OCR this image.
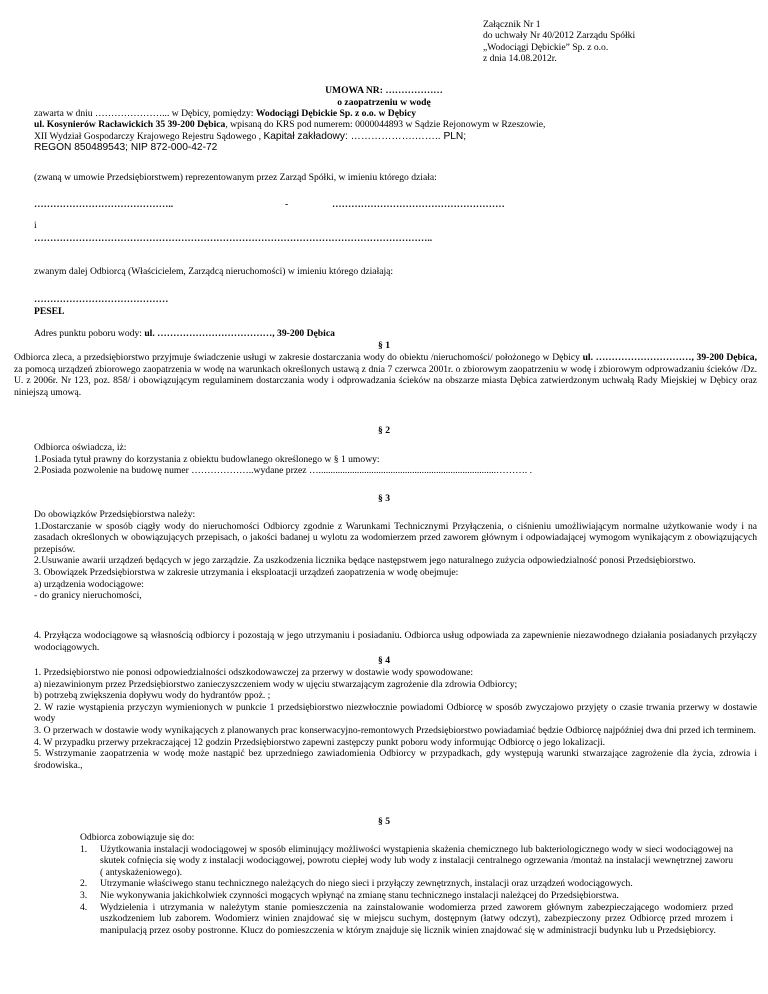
Załącznik Nr 1

do uchwały Nr 40/2012 Zarządu Spółki

„Wodociągi Dębickie” Sp. z o.o.

z dnia 14.08.2012r.

UMOWA NR: ………………

o zaopatrzeniu w wodę

zawarta w dniu …………………... w Dębicy, pomiędzy: Wodociągi Dębickie Sp. z o.o. w Dębicy

ul. Kosynierów Racławickich 35 39-200 Dębica, wpisaną do KRS pod numerem: 0000044893 w Sądzie Rejonowym w Rzeszowie,

XII Wydział Gospodarczy Krajowego Rejestru Sądowego , Kapitał zakładowy: ……………….…….. PLN;

REGON 850489543; NIP 872-000-42-72

(zwaną w umowie Przedsiębiorstwem) reprezentowanym przez Zarząd Spółki, w imieniu którego działa:
……………………………………..	-	………………………………………………
i
……………………………………………………………………………………………………………..
zwanym dalej Odbiorcą (Właścicielem, Zarządcą nieruchomości) w imieniu którego działają:
……………………………………
PESEL
Adres punktu poboru wody: ul. ………………………………, 39-200 Dębica
§ 1
Odbiorca zleca, a przedsiębiorstwo przyjmuje świadczenie usługi w zakresie dostarczania wody do obiektu /nieruchomości/ położonego w Dębicy ul. …………………………, 39-200 Dębica, za pomocą urządzeń zbiorowego zaopatrzenia w wodę na warunkach określonych ustawą z dnia 7 czerwca 2001r. o zbiorowym zaopatrzeniu w wodę i zbiorowym odprowadzaniu ścieków /Dz. U. z 2006r. Nr 123, poz. 858/ i obowiązującym regulaminem dostarczania wody i odprowadzania ścieków na obszarze miasta Dębica zatwierdzonym uchwałą Rady Miejskiej w Dębicy oraz niniejszą umową.
§ 2

Odbiorca oświadcza, iż:

1.Posiada tytuł prawny do korzystania z obiektu budowlanego określonego w § 1 umowy:

2.Posiada pozwolenie na budowę numer ………………..wydane przez …..........................................................................………. .

§ 3

Do obowiązków Przedsiębiorstwa należy:

1.Dostarczanie w sposób ciągły wody do nieruchomości Odbiorcy zgodnie z Warunkami Technicznymi Przyłączenia, o ciśnieniu umożliwiającym normalne użytkowanie wody i na zasadach określonych w obowiązujących przepisach, o jakości badanej u wylotu za wodomierzem przed zaworem głównym i odpowiadającej wymogom wynikającym z obowiązujących przepisów.

2.Usuwanie awarii urządzeń będących w jego zarządzie. Za uszkodzenia licznika będące następstwem jego naturalnego zużycia odpowiedzialność ponosi Przedsiębiorstwo.

3. Obowiązek Przedsiębiorstwa w zakresie utrzymania i eksploatacji urządzeń zaopatrzenia w wodę obejmuje:

a) urządzenia wodociągowe:

- do granicy nieruchomości,

4. Przyłącza wodociągowe są własnością odbiorcy i pozostają w jego utrzymaniu i posiadaniu. Odbiorca usług odpowiada za zapewnienie niezawodnego działania posiadanych przyłączy wodociągowych.
§ 4

1. Przedsiębiorstwo nie ponosi odpowiedzialności odszkodowawczej za przerwy w dostawie wody spowodowane:

a) niezawinionym przez Przedsiębiorstwo zanieczyszczeniem wody w ujęciu stwarzającym zagrożenie dla zdrowia Odbiorcy;

b) potrzebą zwiększenia dopływu wody do hydrantów ppoż. ;

2. W razie wystąpienia przyczyn wymienionych w punkcie 1 przedsiębiorstwo niezwłocznie powiadomi Odbiorcę w sposób zwyczajowo przyjęty o czasie trwania przerwy w dostawie wody

3. O przerwach w dostawie wody wynikających z planowanych prac konserwacyjno-remontowych Przedsiębiorstwo powiadamiać będzie Odbiorcę najpóźniej dwa dni przed ich terminem.

4. W przypadku przerwy przekraczającej 12 godzin Przedsiębiorstwo zapewni zastępczy punkt poboru wody informując Odbiorcę o jego lokalizacji.

5. Wstrzymanie zaopatrzenia w wodę może nastąpić bez uprzedniego zawiadomienia Odbiorcy w przypadkach, gdy występują warunki stwarzające zagrożenie dla życia, zdrowia i środowiska.,

§ 5

Odbiorca zobowiązuje się do:

1. Użytkowania instalacji wodociągowej w sposób eliminujący możliwości wystąpienia skażenia chemicznego lub bakteriologicznego wody w sieci wodociągowej na skutek cofnięcia się wody z instalacji wodociągowej, powrotu ciepłej wody lub wody z instalacji centralnego ogrzewania /montaż na instalacji wewnętrznej zaworu ( antyskażeniowego).
2. Utrzymanie właściwego stanu technicznego należących do niego sieci i przyłączy zewnętrznych, instalacji oraz urządzeń wodociągowych.
3. Nie wykonywania jakichkolwiek czynności mogących wpłynąć na zmianę stanu technicznego instalacji należącej do Przedsiębiorstwa.
4. Wydzielenia i utrzymania w należytym stanie pomieszczenia na zainstalowanie wodomierza przed zaworem głównym zabezpieczającego wodomierz przed uszkodzeniem lub zaborem. Wodomierz winien znajdować się w miejscu suchym, dostępnym (łatwy odczyt), zabezpieczony przez Odbiorcę przed mrozem i manipulacją przez osoby postronne. Klucz do pomieszczenia w którym znajduje się licznik winien znajdować się w administracji budynku lub u Przedsiębiorcy.
